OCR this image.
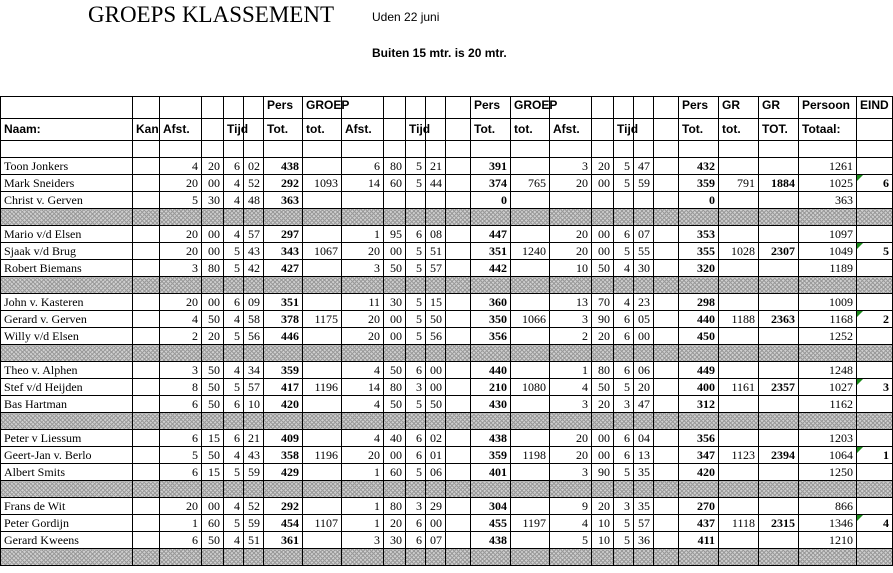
GROEPS KLASSEMENT	Uden 22 juni
Buiten 15 mtr. is 20 mtr.
						Pers	GROEP						Pers	GROEP						Pers	GR	GR	Persoon	EIND
Naam:	Kan	Afst.		Tijd		Tot.	tot.	Afst.		Tijd			Tot.	tot.	Afst.		Tijd			Tot.	tot.	TOT.	Totaal:	

Toon Jonkers		4	20	6	02	438		6	80	5	21		391		3	20	5	47		432			1261	
Mark Sneiders		20	00	4	52	292	1093	14	60	5	44		374	765	20	00	5	59		359	791	1884	1025	6
Christ v. Gerven		5	30	4	48	363							0							0			363	

Mario v/d Elsen		20	00	4	57	297		1	95	6	08		447		20	00	6	07		353			1097	
Sjaak v/d Brug		20	00	5	43	343	1067	20	00	5	51		351	1240	20	00	5	55		355	1028	2307	1049	5
Robert Biemans		3	80	5	42	427		3	50	5	57		442		10	50	4	30		320			1189	

John v. Kasteren		20	00	6	09	351		11	30	5	15		360		13	70	4	23		298			1009	
Gerard v. Gerven		4	50	4	58	378	1175	20	00	5	50		350	1066	3	90	6	05		440	1188	2363	1168	2
Willy v/d Elsen		2	20	5	56	446		20	00	5	56		356		2	20	6	00		450			1252	

Theo v. Alphen		3	50	4	34	359		4	50	6	00		440		1	80	6	06		449			1248	
Stef v/d Heijden		8	50	5	57	417	1196	14	80	3	00		210	1080	4	50	5	20		400	1161	2357	1027	3
Bas Hartman		6	50	6	10	420		4	50	5	50		430		3	20	3	47		312			1162	

Peter v Liessum		6	15	6	21	409		4	40	6	02		438		20	00	6	04		356			1203	
Geert-Jan v. Berlo		5	50	4	43	358	1196	20	00	6	01		359	1198	20	00	6	13		347	1123	2394	1064	1
Albert Smits		6	15	5	59	429		1	60	5	06		401		3	90	5	35		420			1250	

Frans de Wit		20	00	4	52	292		1	80	3	29		304		9	20	3	35		270			866	
Peter Gordijn		1	60	5	59	454	1107	1	20	6	00		455	1197	4	10	5	57		437	1118	2315	1346	4
Gerard Kweens		6	50	4	51	361		3	30	6	07		438		5	10	5	36		411			1210	
